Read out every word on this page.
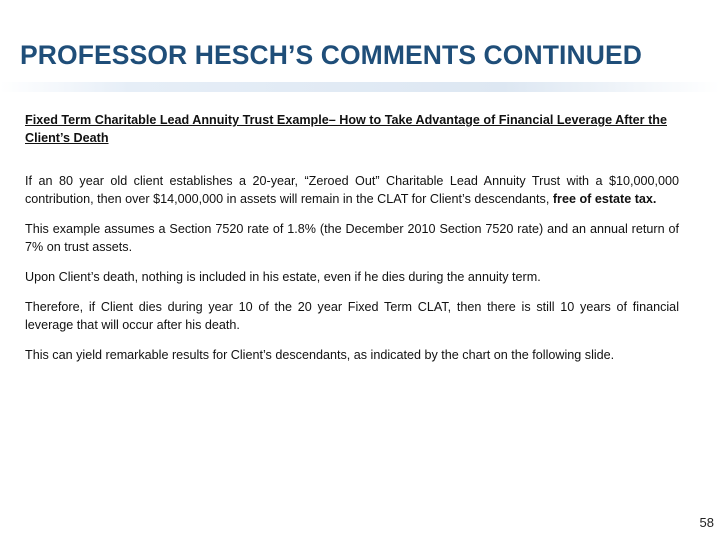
PROFESSOR HESCH’S COMMENTS CONTINUED

Fixed Term Charitable Lead Annuity Trust Example– How to Take Advantage of Financial Leverage After the Client’s Death

If an 80 year old client establishes a 20-year, “Zeroed Out” Charitable Lead Annuity Trust with a $10,000,000 contribution, then over $14,000,000 in assets will remain in the CLAT for Client’s descendants, free of estate tax.

This example assumes a Section 7520 rate of 1.8% (the December 2010 Section 7520 rate) and an annual return of 7% on trust assets.

Upon Client’s death, nothing is included in his estate, even if he dies during the annuity term.

Therefore, if Client dies during year 10 of the 20 year Fixed Term CLAT, then there is still 10 years of financial leverage that will occur after his death.

This can yield remarkable results for Client’s descendants, as indicated by the chart on the following slide.

58
